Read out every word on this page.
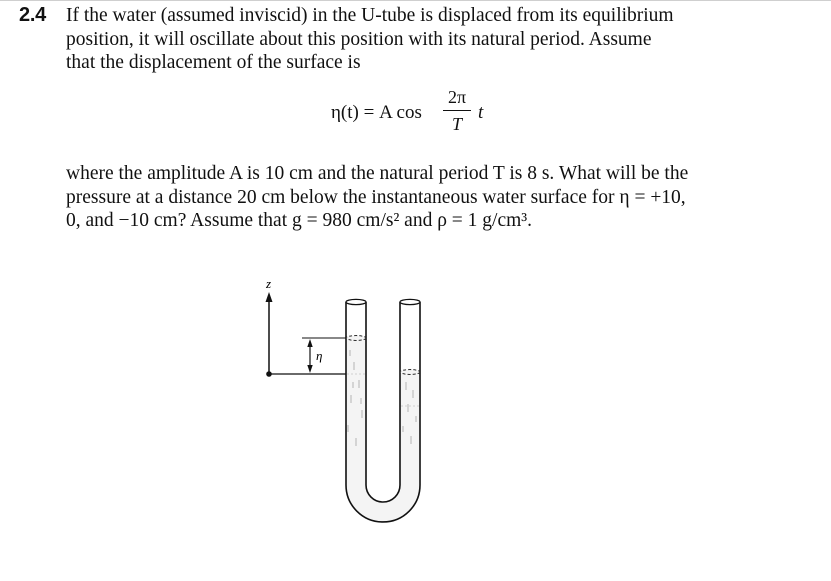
2.4 If the water (assumed inviscid) in the U-tube is displaced from its equilibrium
position, it will oscillate about this position with its natural period. Assume
that the displacement of the surface is

η(t) = A cos
2π
T
t

where the amplitude A is 10 cm and the natural period T is 8 s. What will be the
pressure at a distance 20 cm below the instantaneous water surface for η = +10,
0, and −10 cm? Assume that g = 980 cm/s² and ρ = 1 g/cm³.

z
η
